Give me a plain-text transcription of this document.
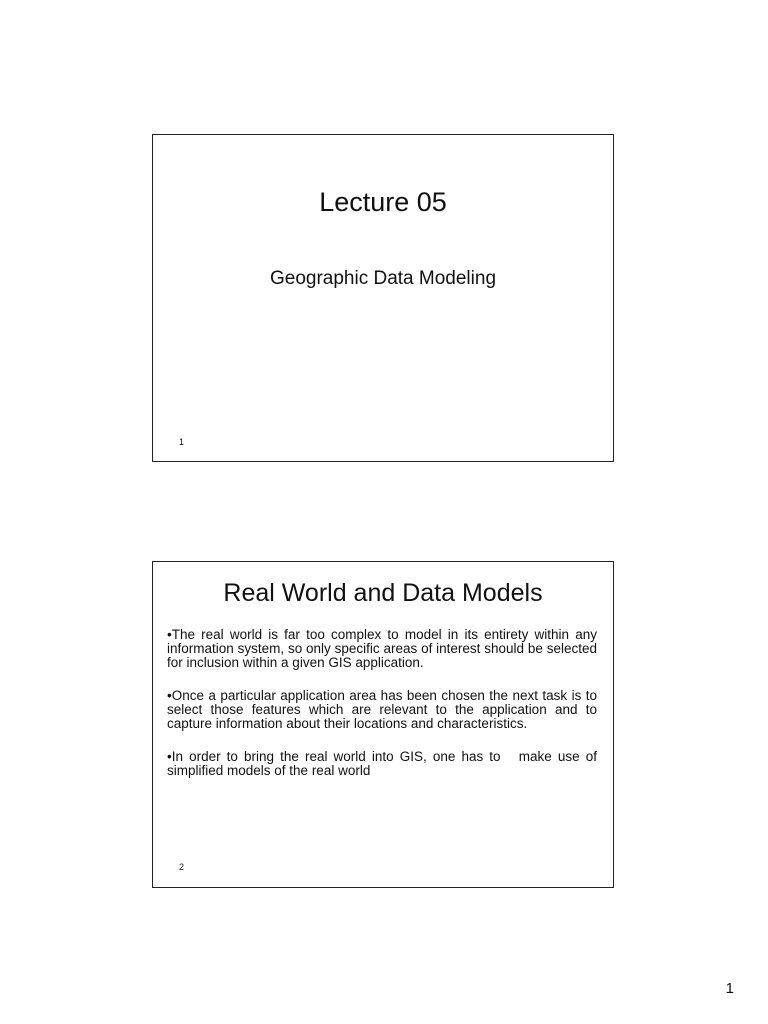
Lecture 05

Geographic Data Modeling

1
Real World and Data Models
•The real world is far too complex to model in its entirety within any information system, so only specific areas of interest should be selected for inclusion within a given GIS application.
•Once a particular application area has been chosen the next task is to select those features which are relevant to the application and to capture information about their locations and characteristics.
•In order to bring the real world into GIS, one has to   make use of simplified models of the real world
2
1
